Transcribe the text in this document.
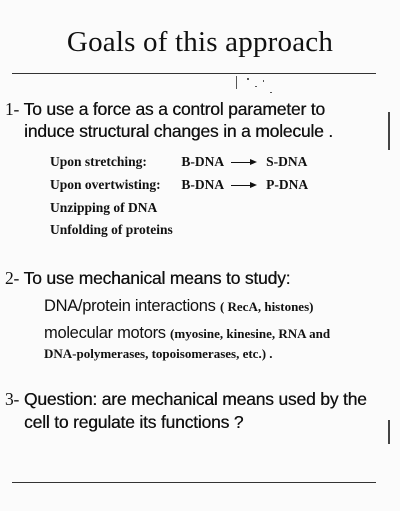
Goals of this approach
1- To use a force as a control parameter to
induce structural changes in a molecule .
Upon stretching:	B-DNA	S-DNA
Upon overtwisting: B-DNA	P-DNA
Unzipping of DNA
Unfolding of proteins
2- To use mechanical means to study:
DNA/protein interactions ( RecA, histones)
molecular motors (myosine, kinesine, RNA and
DNA-polymerases, topoisomerases, etc.) .
3- Question: are mechanical means used by the
cell to regulate its functions ?
